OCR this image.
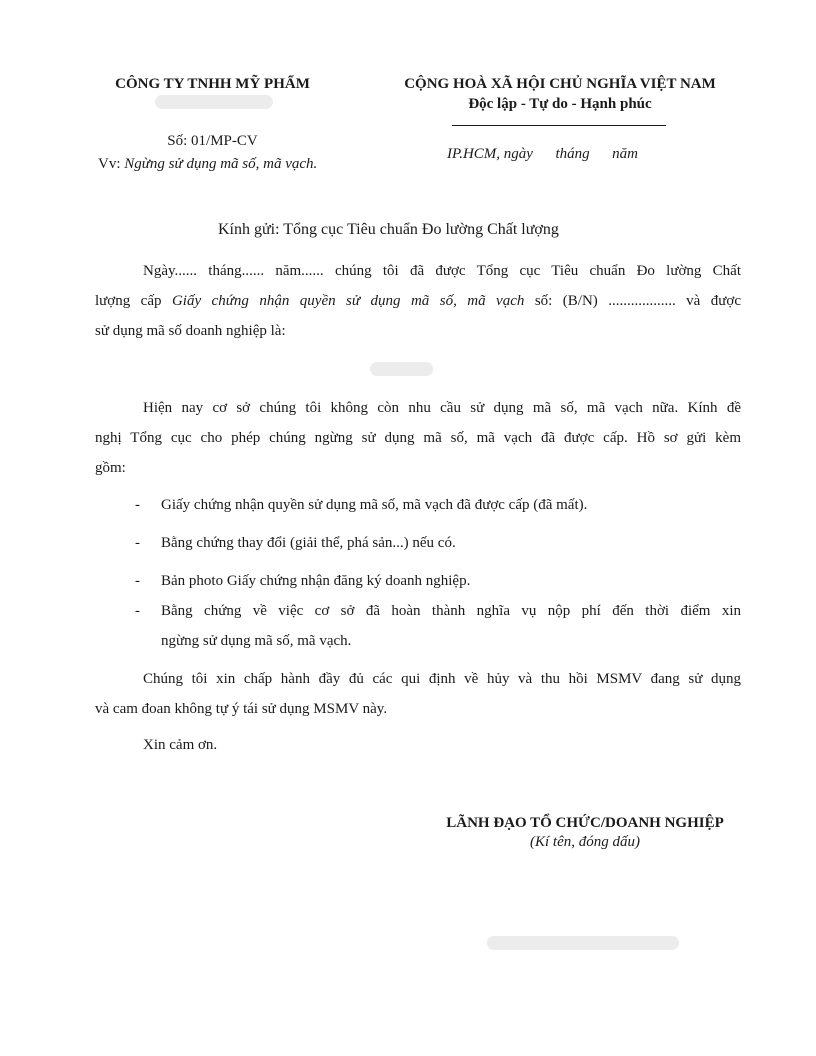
CÔNG TY TNHH MỸ PHẨM
Số: 01/MP-CV
Vv: Ngừng sử dụng mã số, mã vạch.
CỘNG HOÀ XÃ HỘI CHỦ NGHĨA VIỆT NAM
Độc lập - Tự do - Hạnh phúc
IP.HCM, ngày      tháng      năm
Kính gửi: Tổng cục Tiêu chuẩn Đo lường Chất lượng
Ngày...... tháng...... năm...... chúng tôi đã được Tổng cục Tiêu chuẩn Đo lường Chất
lượng cấp Giấy chứng nhận quyền sử dụng mã số, mã vạch số: (B/N) .................. và được
sử dụng mã số doanh nghiệp là:
Hiện nay cơ sở chúng tôi không còn nhu cầu sử dụng mã số, mã vạch nữa. Kính đề
nghị Tổng cục cho phép chúng ngừng sử dụng mã số, mã vạch đã được cấp. Hồ sơ gửi kèm
gồm:
- Giấy chứng nhận quyền sử dụng mã số, mã vạch đã được cấp (đã mất).
- Bằng chứng thay đổi (giải thể, phá sản...) nếu có.
- Bản photo Giấy chứng nhận đăng ký doanh nghiệp.
- Bằng chứng về việc cơ sở đã hoàn thành nghĩa vụ nộp phí đến thời điểm xin
ngừng sử dụng mã số, mã vạch.
Chúng tôi xin chấp hành đầy đủ các qui định về hủy và thu hồi MSMV đang sử dụng
và cam đoan không tự ý tái sử dụng MSMV này.
Xin cảm ơn.
LÃNH ĐẠO TỔ CHỨC/DOANH NGHIỆP
(Kí tên, đóng dấu)
